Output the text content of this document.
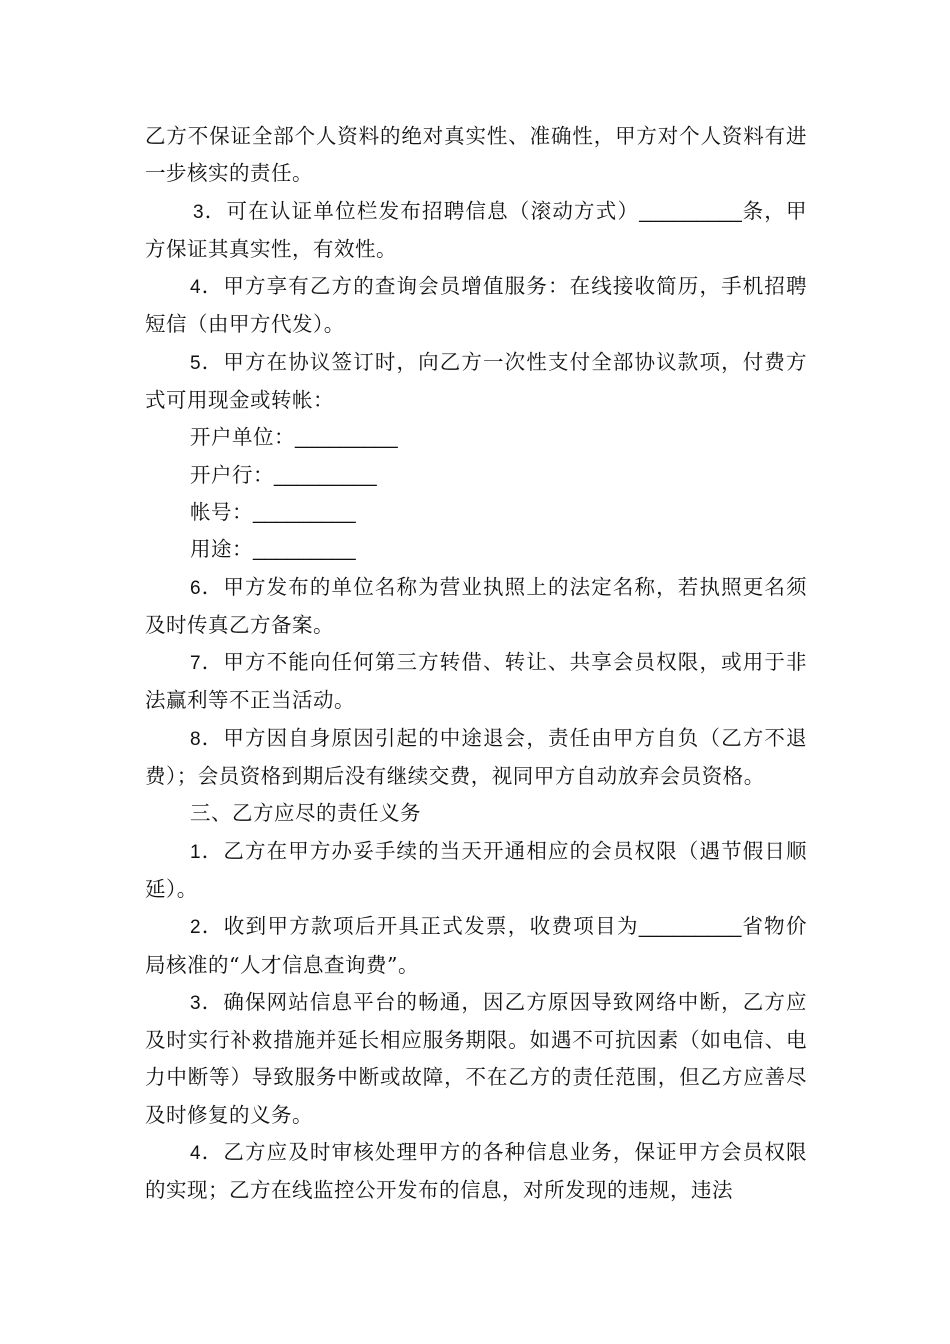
乙方不保证全部个人资料的绝对真实性、准确性，甲方对个人资料有进一步核实的责任。

3．可在认证单位栏发布招聘信息（滚动方式）_________条，甲方保证其真实性，有效性。

4．甲方享有乙方的查询会员增值服务：在线接收简历，手机招聘短信（由甲方代发）。

5．甲方在协议签订时，向乙方一次性支付全部协议款项，付费方式可用现金或转帐：

开户单位：_________

开户行：_________

帐号：_________

用途：_________

6．甲方发布的单位名称为营业执照上的法定名称，若执照更名须及时传真乙方备案。

7．甲方不能向任何第三方转借、转让、共享会员权限，或用于非法赢利等不正当活动。

8．甲方因自身原因引起的中途退会，责任由甲方自负（乙方不退费）；会员资格到期后没有继续交费，视同甲方自动放弃会员资格。

三、乙方应尽的责任义务

1．乙方在甲方办妥手续的当天开通相应的会员权限（遇节假日顺延）。

2．收到甲方款项后开具正式发票，收费项目为_________省物价局核准的“人才信息查询费”。

3．确保网站信息平台的畅通，因乙方原因导致网络中断，乙方应及时实行补救措施并延长相应服务期限。如遇不可抗因素（如电信、电力中断等）导致服务中断或故障，不在乙方的责任范围，但乙方应善尽及时修复的义务。

4．乙方应及时审核处理甲方的各种信息业务，保证甲方会员权限的实现；乙方在线监控公开发布的信息，对所发现的违规，违法
